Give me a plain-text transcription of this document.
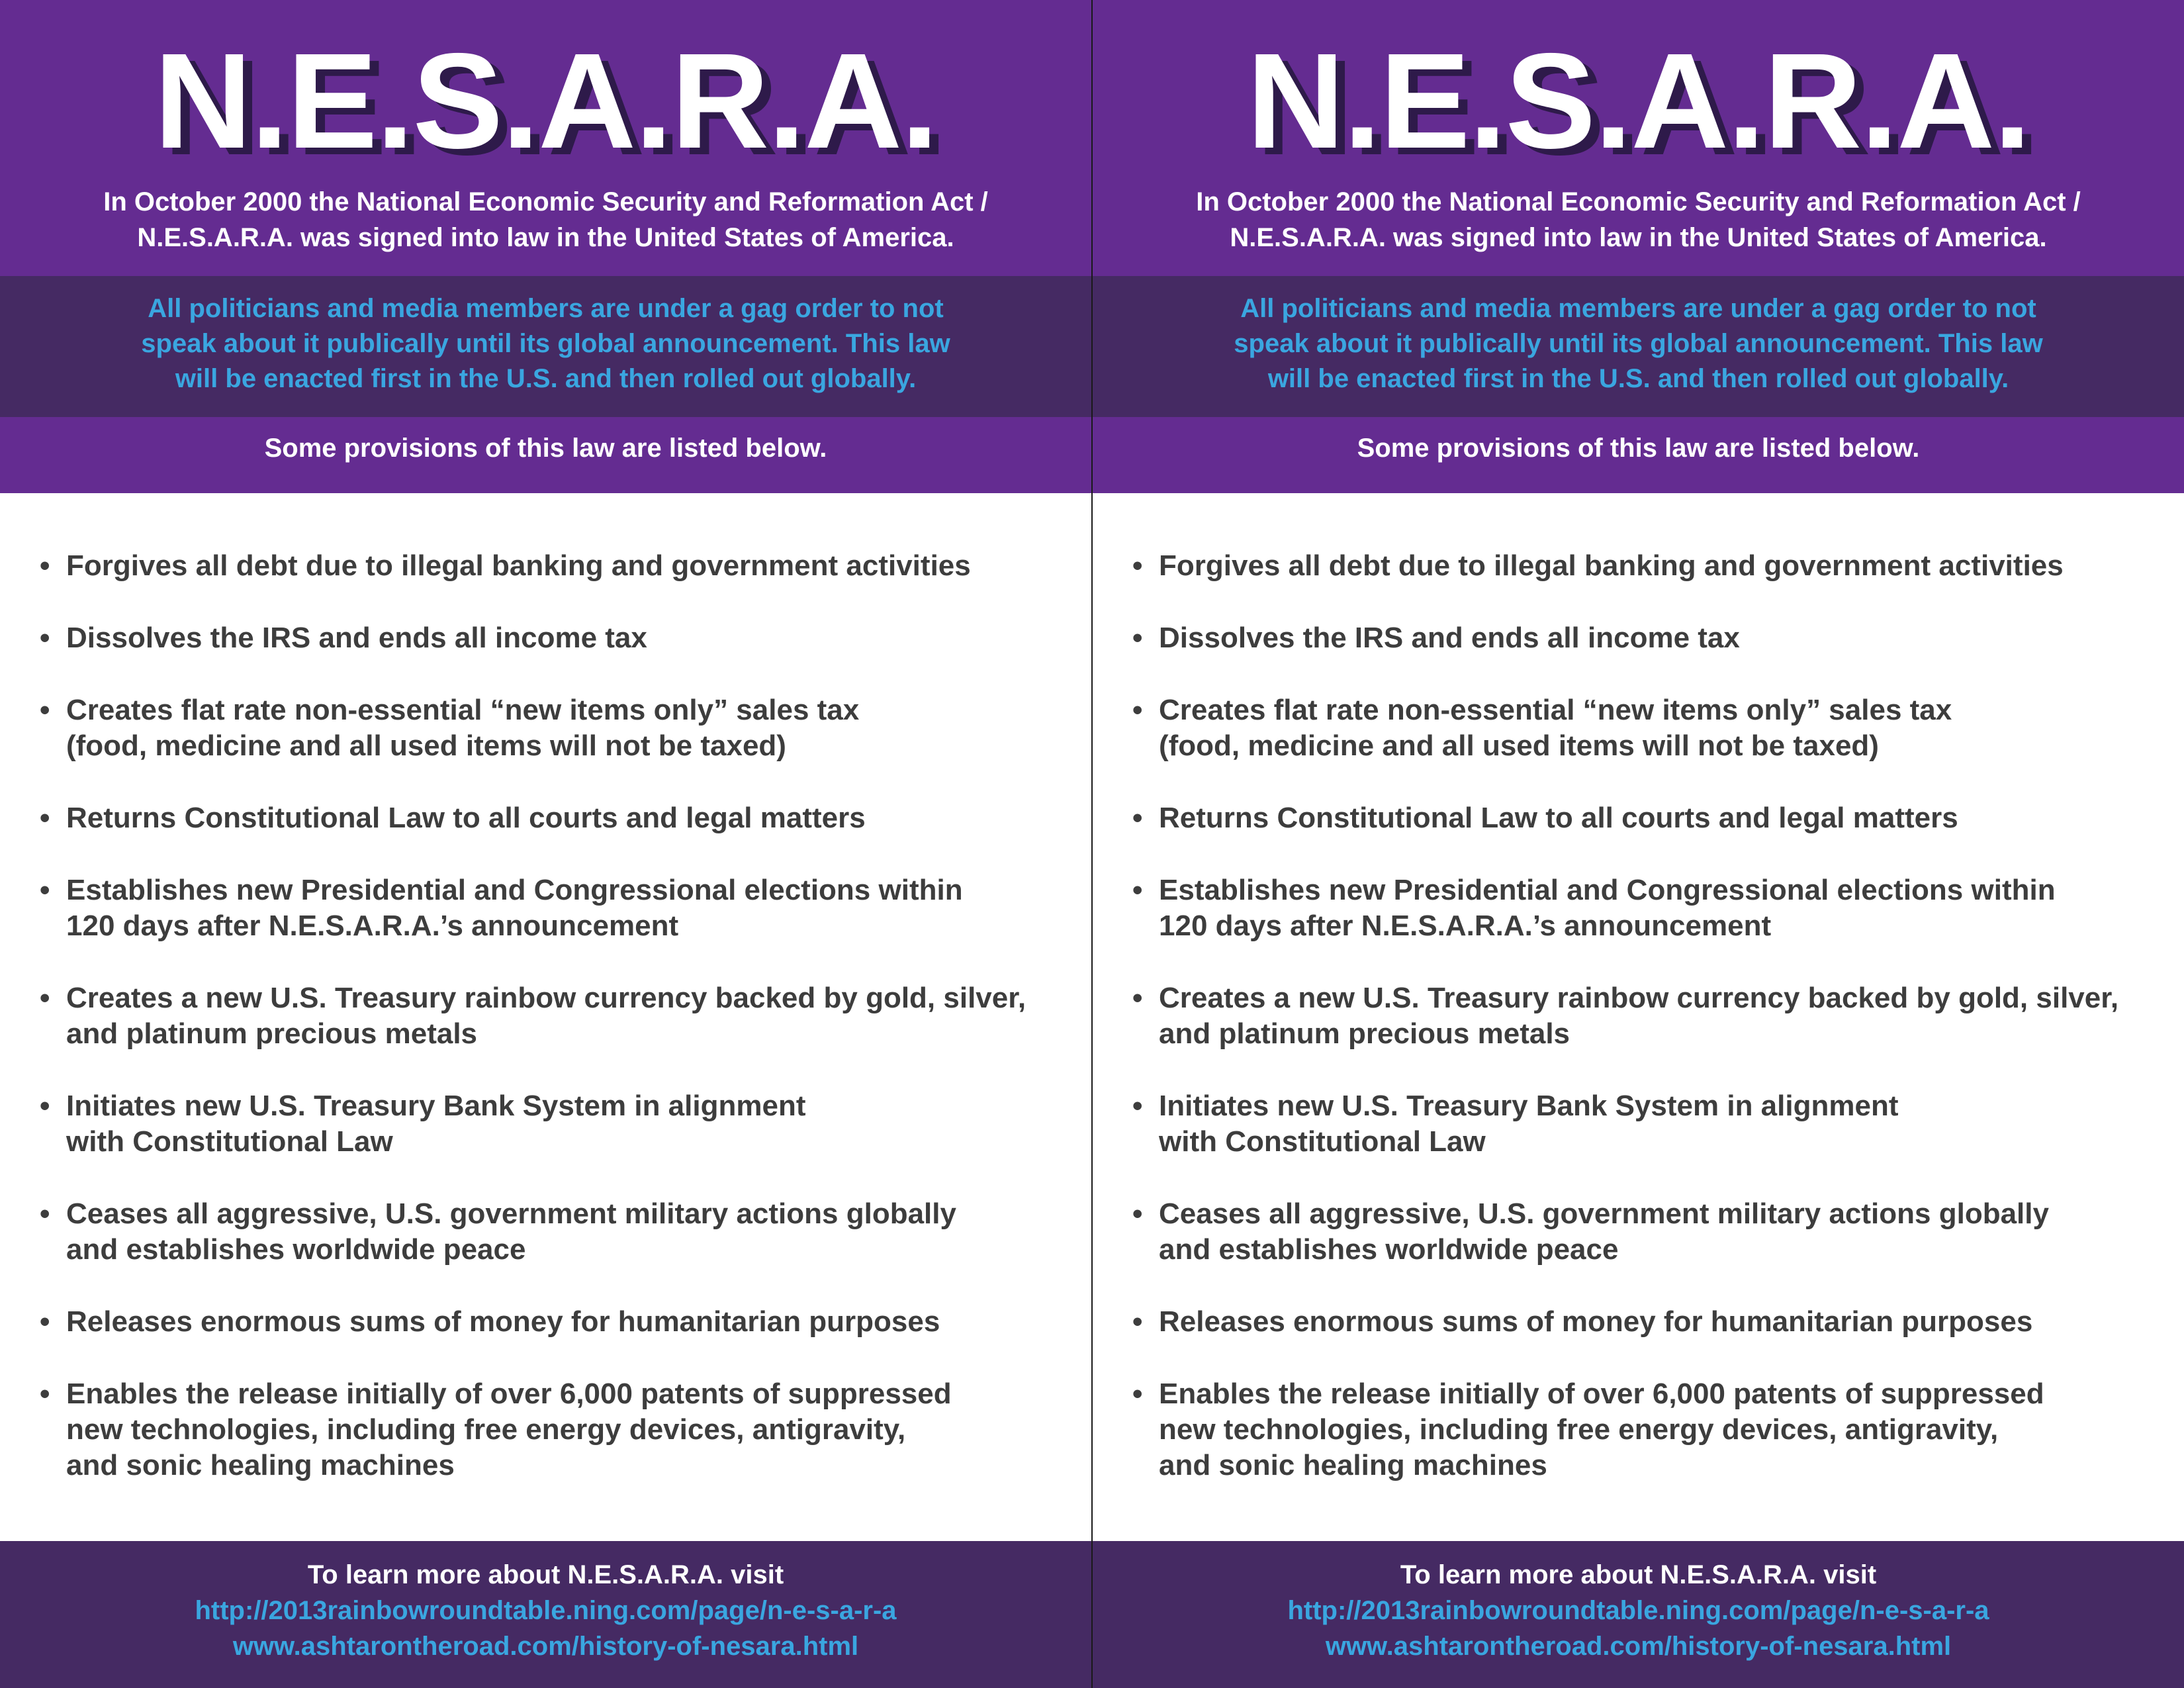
N.E.S.A.R.A.
In October 2000 the National Economic Security and Reformation Act /
N.E.S.A.R.A. was signed into law in the United States of America.
All politicians and media members are under a gag order to not
speak about it publically until its global announcement. This law
will be enacted first in the U.S. and then rolled out globally.
Some provisions of this law are listed below.
• Forgives all debt due to illegal banking and government activities
• Dissolves the IRS and ends all income tax
• Creates flat rate non-essential “new items only” sales tax
(food, medicine and all used items will not be taxed)
• Returns Constitutional Law to all courts and legal matters
• Establishes new Presidential and Congressional elections within
120 days after N.E.S.A.R.A.’s announcement
• Creates a new U.S. Treasury rainbow currency backed by gold, silver,
and platinum precious metals
• Initiates new U.S. Treasury Bank System in alignment
with Constitutional Law
• Ceases all aggressive, U.S. government military actions globally
and establishes worldwide peace
• Releases enormous sums of money for humanitarian purposes
• Enables the release initially of over 6,000 patents of suppressed
new technologies, including free energy devices, antigravity,
and sonic healing machines
To learn more about N.E.S.A.R.A. visit
http://2013rainbowroundtable.ning.com/page/n-e-s-a-r-a
www.ashtarontheroad.com/history-of-nesara.html
N.E.S.A.R.A.
In October 2000 the National Economic Security and Reformation Act /
N.E.S.A.R.A. was signed into law in the United States of America.
All politicians and media members are under a gag order to not
speak about it publically until its global announcement. This law
will be enacted first in the U.S. and then rolled out globally.
Some provisions of this law are listed below.
• Forgives all debt due to illegal banking and government activities
• Dissolves the IRS and ends all income tax
• Creates flat rate non-essential “new items only” sales tax
(food, medicine and all used items will not be taxed)
• Returns Constitutional Law to all courts and legal matters
• Establishes new Presidential and Congressional elections within
120 days after N.E.S.A.R.A.’s announcement
• Creates a new U.S. Treasury rainbow currency backed by gold, silver,
and platinum precious metals
• Initiates new U.S. Treasury Bank System in alignment
with Constitutional Law
• Ceases all aggressive, U.S. government military actions globally
and establishes worldwide peace
• Releases enormous sums of money for humanitarian purposes
• Enables the release initially of over 6,000 patents of suppressed
new technologies, including free energy devices, antigravity,
and sonic healing machines
To learn more about N.E.S.A.R.A. visit
http://2013rainbowroundtable.ning.com/page/n-e-s-a-r-a
www.ashtarontheroad.com/history-of-nesara.html
